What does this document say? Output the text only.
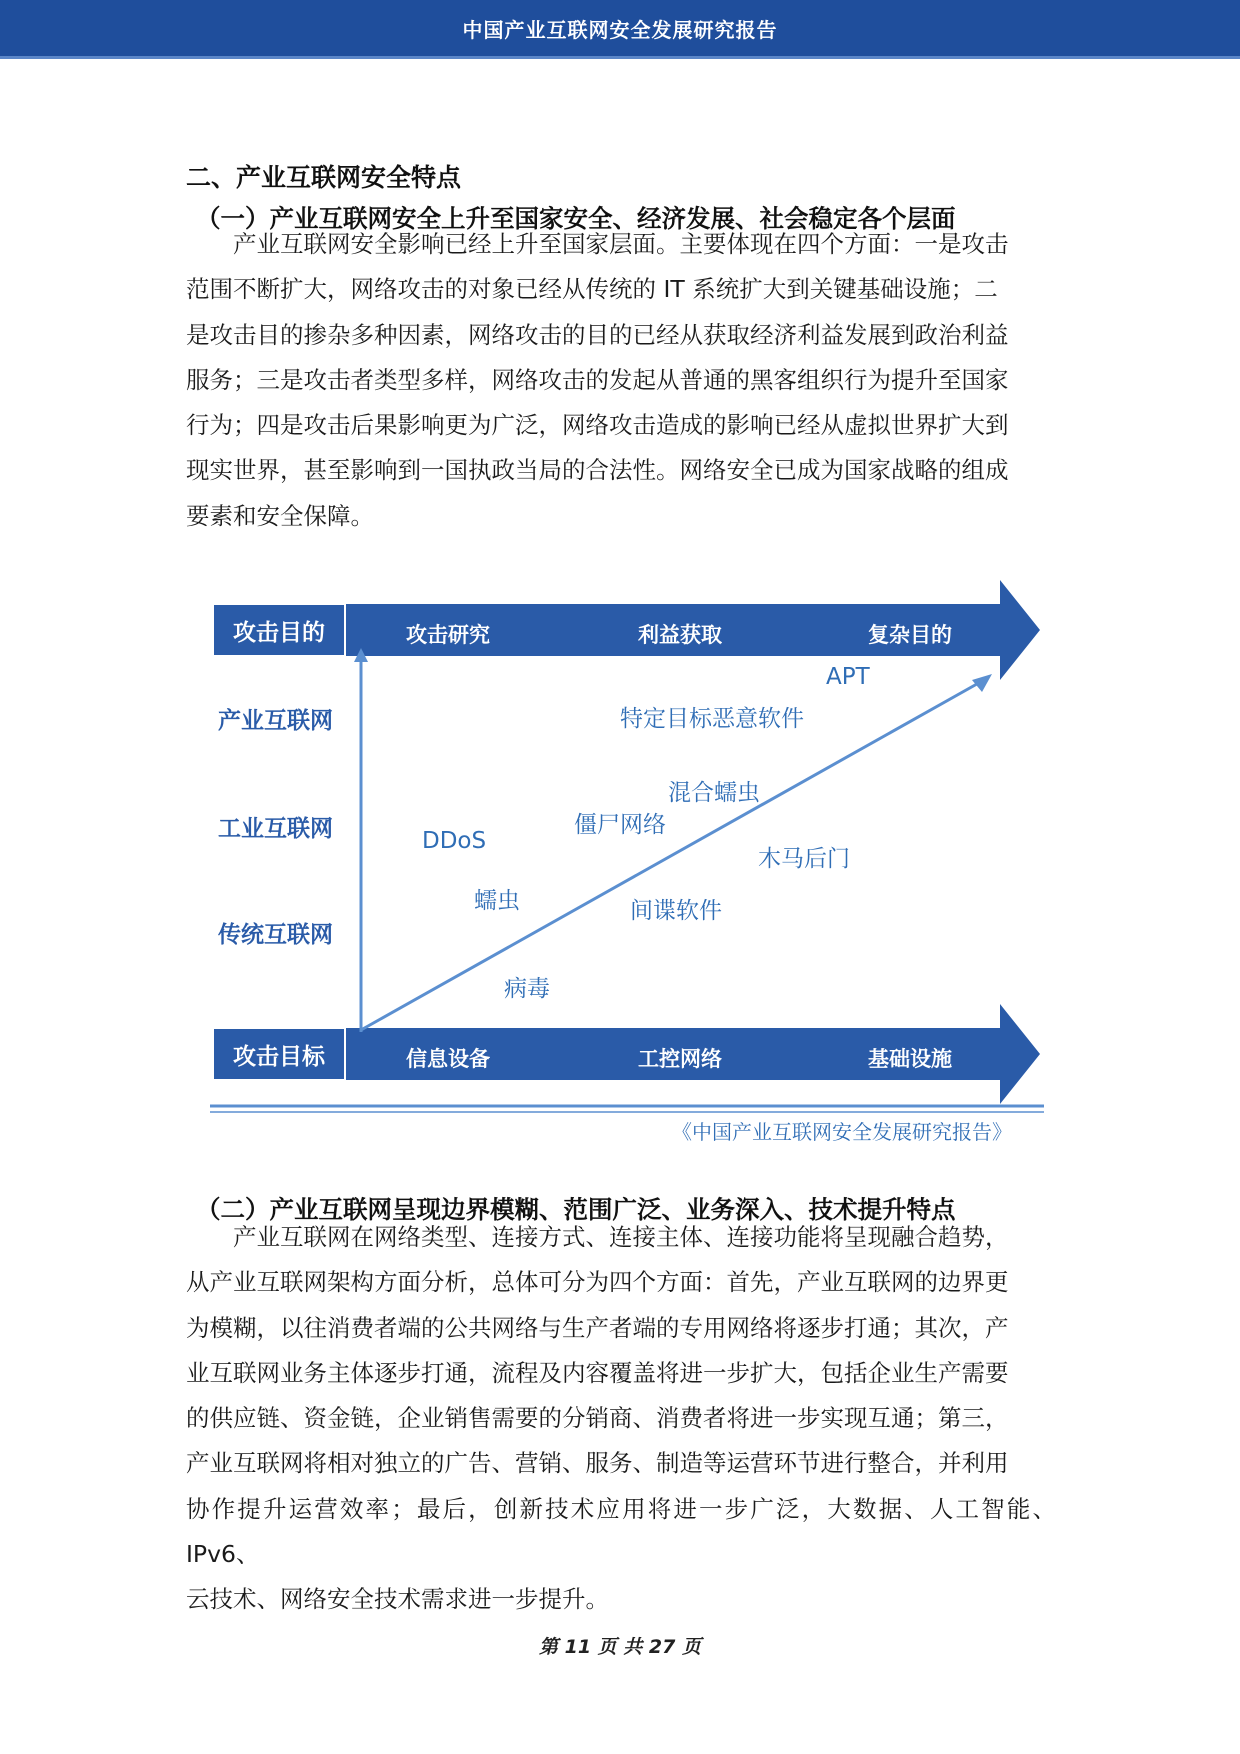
中国产业互联网安全发展研究报告
二、产业互联网安全特点
（一）产业互联网安全上升至国家安全、经济发展、社会稳定各个层面
产业互联网安全影响已经上升至国家层面。主要体现在四个方面：一是攻击
范围不断扩大，网络攻击的对象已经从传统的 IT 系统扩大到关键基础设施；二
是攻击目的掺杂多种因素，网络攻击的目的已经从获取经济利益发展到政治利益
服务；三是攻击者类型多样，网络攻击的发起从普通的黑客组织行为提升至国家
行为；四是攻击后果影响更为广泛，网络攻击造成的影响已经从虚拟世界扩大到
现实世界，甚至影响到一国执政当局的合法性。网络安全已成为国家战略的组成
要素和安全保障。
攻击目的
攻击目标
攻击研究	利益获取	复杂目的
信息设备	工控网络	基础设施
产业互联网
工业互联网
传统互联网
APT
特定目标恶意软件
混合蠕虫
僵尸网络
DDoS
木马后门
蠕虫	间谍软件
病毒
《中国产业互联网安全发展研究报告》
（二）产业互联网呈现边界模糊、范围广泛、业务深入、技术提升特点
产业互联网在网络类型、连接方式、连接主体、连接功能将呈现融合趋势，
从产业互联网架构方面分析，总体可分为四个方面：首先，产业互联网的边界更
为模糊，以往消费者端的公共网络与生产者端的专用网络将逐步打通；其次，产
业互联网业务主体逐步打通，流程及内容覆盖将进一步扩大，包括企业生产需要
的供应链、资金链，企业销售需要的分销商、消费者将进一步实现互通；第三，
产业互联网将相对独立的广告、营销、服务、制造等运营环节进行整合，并利用
协作提升运营效率；最后，创新技术应用将进一步广泛，大数据、人工智能、IPv6、
云技术、网络安全技术需求进一步提升。
第 11 页 共 27 页
